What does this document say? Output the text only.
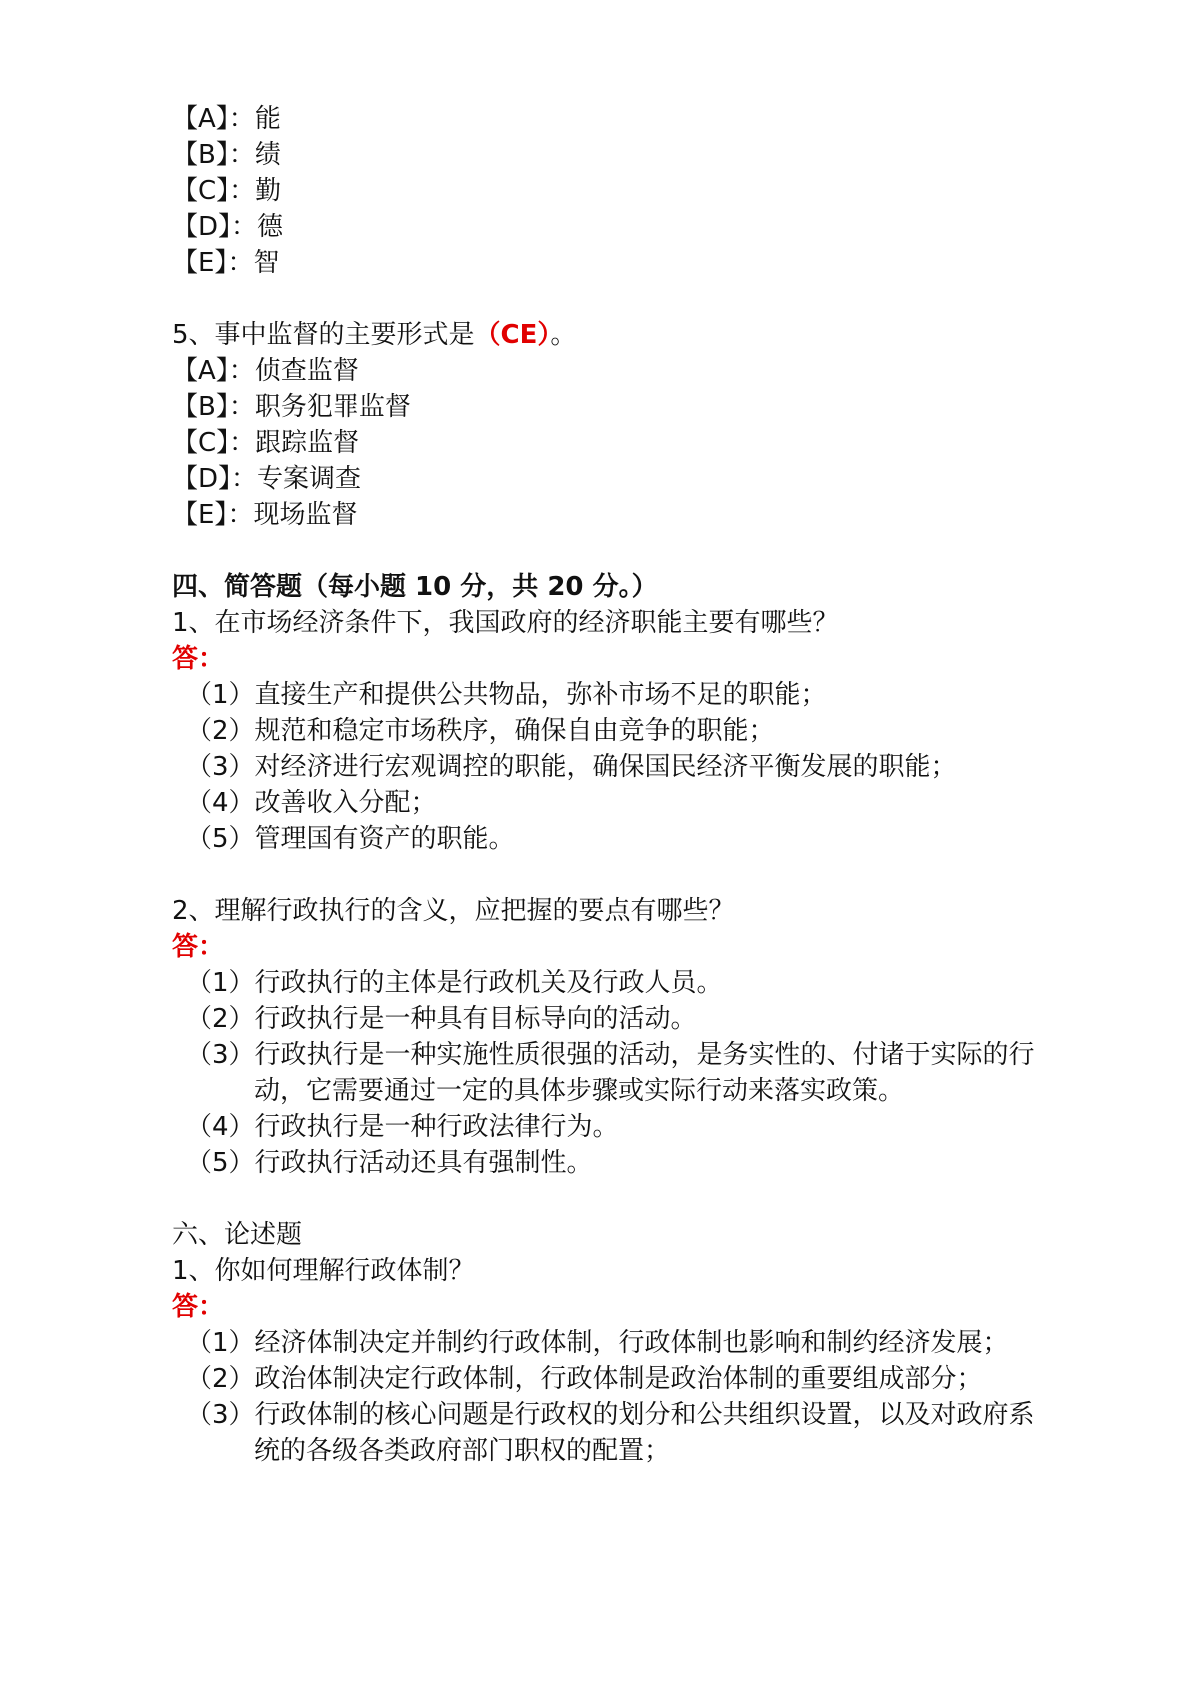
【A】：能
【B】：绩
【C】：勤
【D】：德
【E】：智
5、事中监督的主要形式是（CE）。
【A】：侦查监督
【B】：职务犯罪监督
【C】：跟踪监督
【D】：专案调查
【E】：现场监督
四、简答题（每小题 10 分，共 20 分。）
1、在市场经济条件下，我国政府的经济职能主要有哪些？
答：
（1）直接生产和提供公共物品，弥补市场不足的职能；
（2）规范和稳定市场秩序，确保自由竞争的职能；
（3）对经济进行宏观调控的职能，确保国民经济平衡发展的职能；
（4）改善收入分配；
（5）管理国有资产的职能。
2、理解行政执行的含义，应把握的要点有哪些？
答：
（1）行政执行的主体是行政机关及行政人员。
（2）行政执行是一种具有目标导向的活动。
（3）行政执行是一种实施性质很强的活动，是务实性的、付诸于实际的行
动，它需要通过一定的具体步骤或实际行动来落实政策。
（4）行政执行是一种行政法律行为。
（5）行政执行活动还具有强制性。
六、论述题
1、你如何理解行政体制？
答：
（1）经济体制决定并制约行政体制，行政体制也影响和制约经济发展；
（2）政治体制决定行政体制，行政体制是政治体制的重要组成部分；
（3）行政体制的核心问题是行政权的划分和公共组织设置，以及对政府系
统的各级各类政府部门职权的配置；
